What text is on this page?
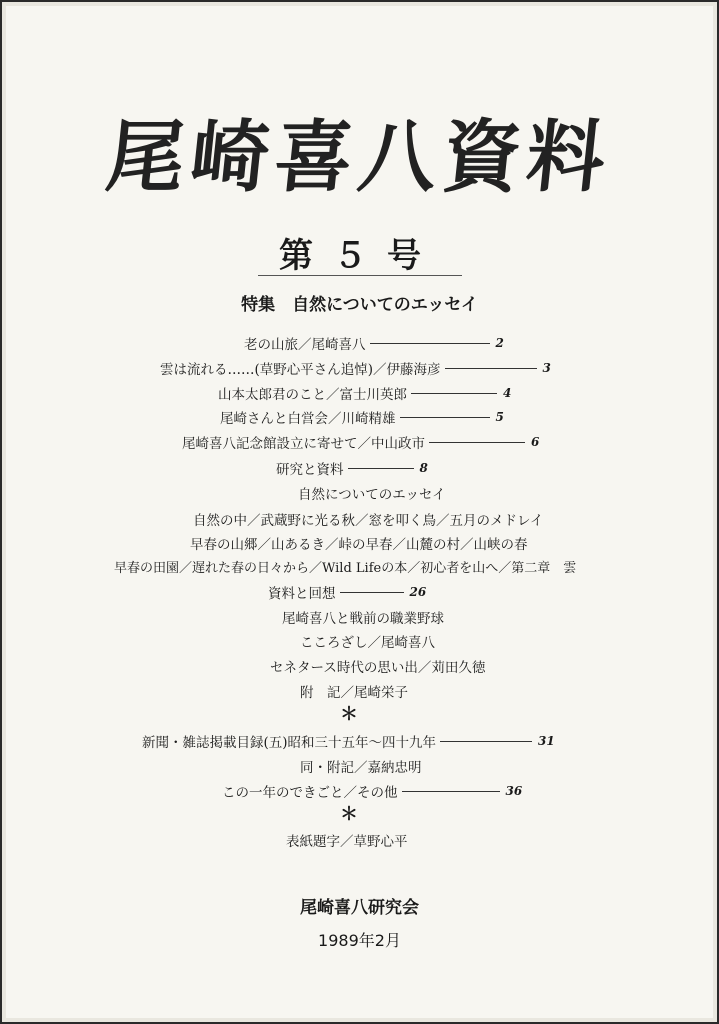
尾崎喜八資料
第５号
特集　自然についてのエッセイ
老の山旅／尾崎喜八	2
雲は流れる……(草野心平さん追悼)／伊藤海彦	3
山本太郎君のこと／富士川英郎	4
尾崎さんと白営会／川崎精雄	5
尾崎喜八記念館設立に寄せて／中山政市	6
研究と資料	8
自然についてのエッセイ
自然の中／武蔵野に光る秋／窓を叩く鳥／五月のメドレイ
早春の山郷／山あるき／峠の早春／山麓の村／山峡の春
早春の田園／遅れた春の日々から／Wild Lifeの本／初心者を山へ／第二章　雲
資料と回想	26
尾崎喜八と戦前の職業野球
こころざし／尾崎喜八
セネタース時代の思い出／苅田久徳
附　記／尾崎栄子
＊
新聞・雑誌掲載目録(五)昭和三十五年～四十九年	31
同・附記／嘉納忠明
この一年のできごと／その他	36
＊
表紙題字／草野心平
尾崎喜八研究会
1989年2月
